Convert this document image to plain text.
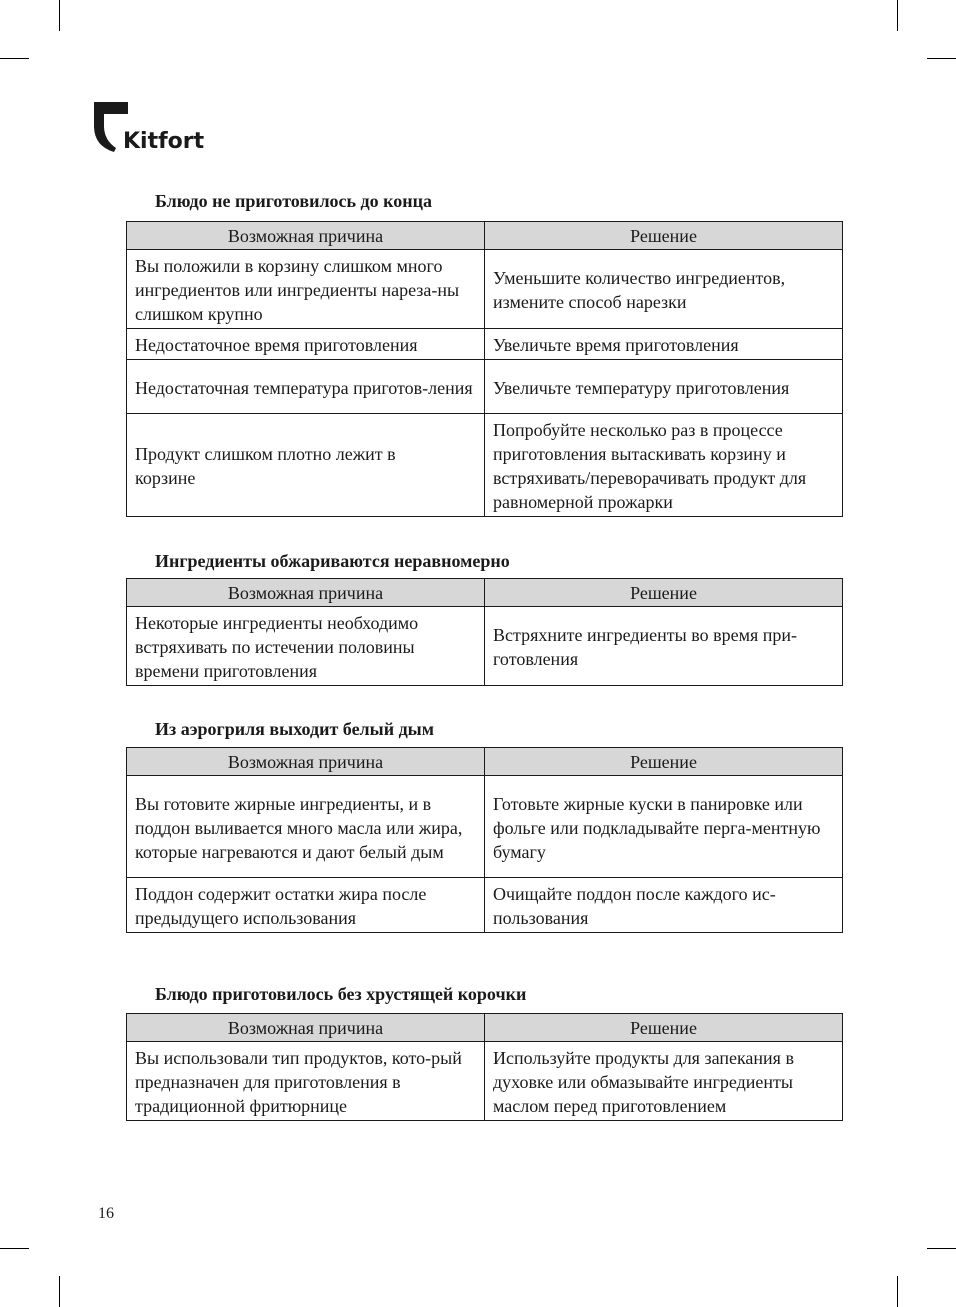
Kitfort
Блюдо не приготовилось до конца
Возможная причина	Решение
Вы положили в корзину слишком много ингредиентов или ингредиенты нареза-ны слишком крупно	Уменьшите количество ингредиентов, измените способ нарезки
Недостаточное время приготовления	Увеличьте время приготовления
Недостаточная температура приготов-ления	Увеличьте температуру приготовления
Продукт слишком плотно лежит в корзине	Попробуйте несколько раз в процессе приготовления вытаскивать корзину и встряхивать/переворачивать продукт для равномерной прожарки
Ингредиенты обжариваются неравномерно
Возможная причина	Решение
Некоторые ингредиенты необходимо встряхивать по истечении половины времени приготовления	Встряхните ингредиенты во время при-готовления
Из аэрогриля выходит белый дым
Возможная причина	Решение
Вы готовите жирные ингредиенты, и в поддон выливается много масла или жира, которые нагреваются и дают белый дым	Готовьте жирные куски в панировке или фольге или подкладывайте перга-ментную бумагу
Поддон содержит остатки жира после предыдущего использования	Очищайте поддон после каждого ис-пользования
Блюдо приготовилось без хрустящей корочки
Возможная причина	Решение
Вы использовали тип продуктов, кото-рый предназначен для приготовления в традиционной фритюрнице	Используйте продукты для запекания в духовке или обмазывайте ингредиенты маслом перед приготовлением
16
